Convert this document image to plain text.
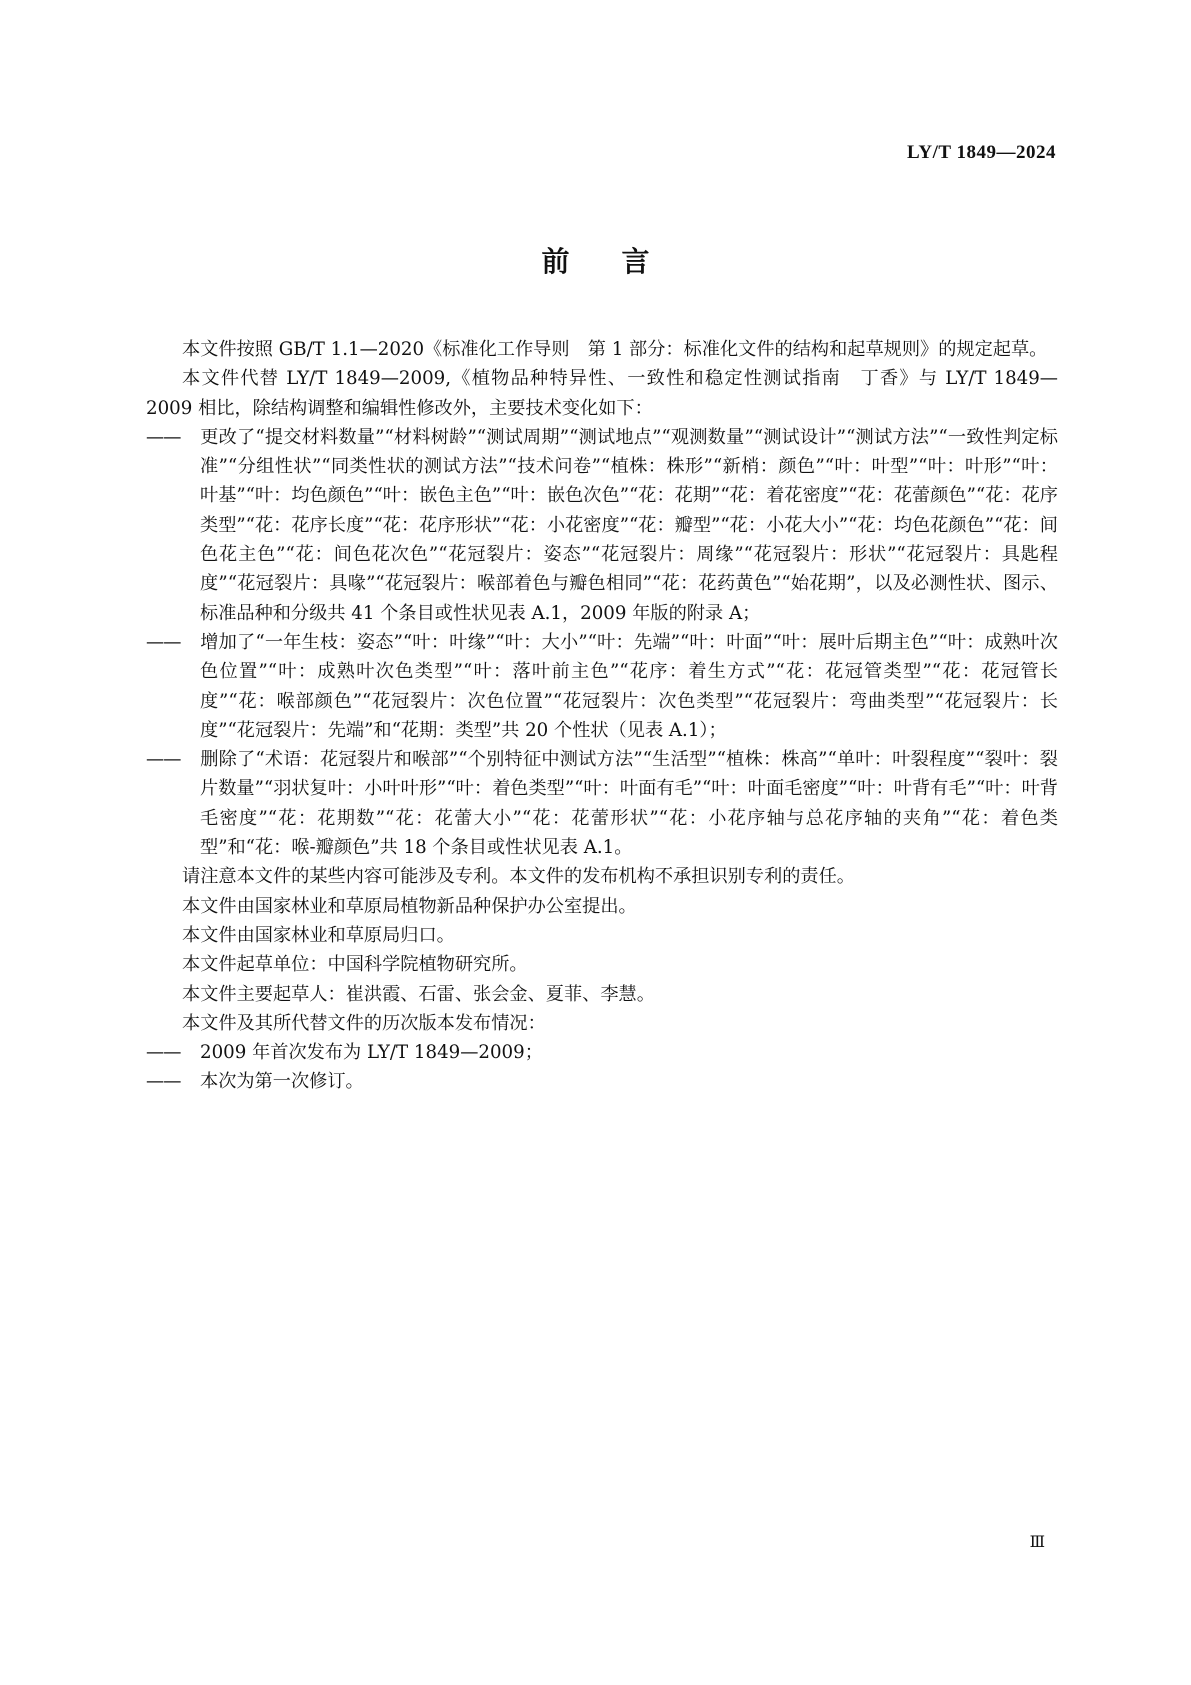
LY/T 1849—2024
前言

本文件按照 GB/T 1.1—2020《标准化工作导则　第 1 部分：标准化文件的结构和起草规则》的规定起草。

本文件代替 LY/T 1849—2009,《植物品种特异性、一致性和稳定性测试指南　丁香》与 LY/T 1849—2009 相比，除结构调整和编辑性修改外，主要技术变化如下：

—— 更改了“提交材料数量”“材料树龄”“测试周期”“测试地点”“观测数量”“测试设计”“测试方法”“一致性判定标准”“分组性状”“同类性状的测试方法”“技术问卷”“植株：株形”“新梢：颜色”“叶：叶型”“叶：叶形”“叶：叶基”“叶：均色颜色”“叶：嵌色主色”“叶：嵌色次色”“花：花期”“花：着花密度”“花：花蕾颜色”“花：花序类型”“花：花序长度”“花：花序形状”“花：小花密度”“花：瓣型”“花：小花大小”“花：均色花颜色”“花：间色花主色”“花：间色花次色”“花冠裂片：姿态”“花冠裂片：周缘”“花冠裂片：形状”“花冠裂片：具匙程度”“花冠裂片：具喙”“花冠裂片：喉部着色与瓣色相同”“花：花药黄色”“始花期”，以及必测性状、图示、标准品种和分级共 41 个条目或性状见表 A.1，2009 年版的附录 A；

—— 增加了“一年生枝：姿态”“叶：叶缘”“叶：大小”“叶：先端”“叶：叶面”“叶：展叶后期主色”“叶：成熟叶次色位置”“叶：成熟叶次色类型”“叶：落叶前主色”“花序：着生方式”“花：花冠管类型”“花：花冠管长度”“花：喉部颜色”“花冠裂片：次色位置”“花冠裂片：次色类型”“花冠裂片：弯曲类型”“花冠裂片：长度”“花冠裂片：先端”和“花期：类型”共 20 个性状（见表 A.1）；

—— 删除了“术语：花冠裂片和喉部”“个别特征中测试方法”“生活型”“植株：株高”“单叶：叶裂程度”“裂叶：裂片数量”“羽状复叶：小叶叶形”“叶：着色类型”“叶：叶面有毛”“叶：叶面毛密度”“叶：叶背有毛”“叶：叶背毛密度”“花：花期数”“花：花蕾大小”“花：花蕾形状”“花：小花序轴与总花序轴的夹角”“花：着色类型”和“花：喉-瓣颜色”共 18 个条目或性状见表 A.1。

请注意本文件的某些内容可能涉及专利。本文件的发布机构不承担识别专利的责任。

本文件由国家林业和草原局植物新品种保护办公室提出。

本文件由国家林业和草原局归口。

本文件起草单位：中国科学院植物研究所。

本文件主要起草人：崔洪霞、石雷、张会金、夏菲、李慧。

本文件及其所代替文件的历次版本发布情况：

—— 2009 年首次发布为 LY/T 1849—2009；

—— 本次为第一次修订。

Ⅲ
